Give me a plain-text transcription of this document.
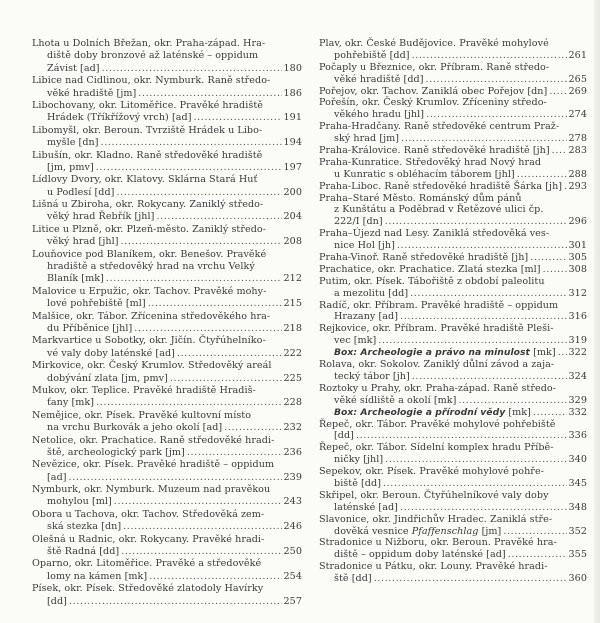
Lhota u Dolních Břežan, okr. Praha-západ. Hra-
diště doby bronzové až laténské – oppidum
Závist [ad] .....	180
Libice nad Cidlinou, okr. Nymburk. Raně středo-
věké hradiště [jm] .....	186
Libochovany, okr. Litoměřice. Pravěké hradiště
Hrádek (Tříkřížový vrch) [ad] .....	191
Libomyšl, okr. Beroun. Tvrziště Hrádek u Libo-
myšle [dn] .....	194
Libušín, okr. Kladno. Raně středověké hradiště
[jm, pmv] .....	197
Lídlovy Dvory, okr. Klatovy. Sklárna Stará Huť
u Podlesí [dd] .....	200
Lišná u Zbiroha, okr. Rokycany. Zaniklý středo-
věký hrad Řebřík [jhl] .....	204
Litice u Plzně, okr. Plzeň-město. Zaniklý středo-
věký hrad [jhl] .....	208
Louňovice pod Blaníkem, okr. Benešov. Pravěké
hradiště a středověký hrad na vrchu Velký
Blaník [mk] .....	212
Malovice u Erpužic, okr. Tachov. Pravěké mohy-
lové pohřebiště [ml] .....	215
Malšice, okr. Tábor. Zřícenina středověkého hra-
du Příběnice [jhl] .....	218
Markvartice u Sobotky, okr. Jičín. Čtyřúhelníko-
vé valy doby laténské [ad] .....	222
Mirkovice, okr. Český Krumlov. Středověký areál
dobývání zlata [jm, pmv] .....	225
Mukov, okr. Teplice. Pravěké hradiště Hradiš-
ťany [mk] .....	228
Nemějice, okr. Písek. Pravěké kultovní místo
na vrchu Burkovák a jeho okolí [ad] .....	232
Netolice, okr. Prachatice. Raně středověké hradi-
ště, archeologický park [jm] .....	236
Nevězice, okr. Písek. Pravěké hradiště – oppidum
[ad] .....	239
Nymburk, okr. Nymburk. Muzeum nad pravěkou
mohylou [ml] .....	243
Obora u Tachova, okr. Tachov. Středověká zem-
ská stezka [dn] .....	246
Olešná u Radnic, okr. Rokycany. Pravěké hradi-
ště Radná [dd] .....	250
Oparno, okr. Litoměřice. Pravěké a středověké
lomy na kámen [mk] .....	254
Písek, okr. Písek. Středověké zlatodoly Havírky
[dd] .....	257
Plav, okr. České Budějovice. Pravěké mohylové
pohřebiště [dd] .....	261
Počaply u Březnice, okr. Příbram. Raně středo-
věké hradiště [dd] .....	265
Pořejov, okr. Tachov. Zaniklá obec Pořejov [dn] ..... 269
Pořešín, okr. Český Krumlov. Zříceniny středo-
věkého hradu [jhl] .....	274
Praha-Hradčany. Raně středověké centrum Praž-
ský hrad [jm] .....	278
Praha-Královice. Raně středověké hradiště [jh] ..... 283
Praha-Kunratice. Středověký hrad Nový hrad
u Kunratic s obléhacím táborem [jhl] .....	288
Praha-Liboc. Raně středověké hradiště Šárka [jh] ..... 293
Praha–Staré Město. Románský dům pánů
z Kunštátu a Poděbrad v Řetězové ulici čp.
222/I [dn] .....	296
Praha–Újezd nad Lesy. Zaniklá středověká ves-
nice Hol [jh] .....	301
Praha-Vinoř. Raně středověké hradiště [jh] .....	305
Prachatice, okr. Prachatice. Zlatá stezka [ml] .....	308
Putim, okr. Písek. Tábořiště z období paleolitu
a mezolitu [dd] .....	312
Radíč, okr. Příbram. Pravěké hradiště – oppidum
Hrazany [ad] .....	316
Rejkovice, okr. Příbram. Pravěké hradiště Pleši-
vec [mk] .....	319
Box: Archeologie a právo na minulost [mk] ..... 322
Rolava, okr. Sokolov. Zaniklý důlní závod a zaja-
tecký tábor [jh] .....	324
Roztoky u Prahy, okr. Praha-západ. Raně středo-
věké sídliště a okolí [mk] .....	329
Box: Archeologie a přírodní vědy [mk] .....	332
Řepeč, okr. Tábor. Pravěké mohylové pohřebiště
[dd] .....	336
Řepeč, okr. Tábor. Sídelní komplex hradu Příbě-
ničky [jhl] .....	340
Sepekov, okr. Písek. Pravěké mohylové pohře-
biště [dd] .....	345
Skřipel, okr. Beroun. Čtyřúhelníkové valy doby
laténské [ad] .....	348
Slavonice, okr. Jindřichův Hradec. Zaniklá stře-
dověká vesnice Pfaffenschlag [jm] .....	352
Stradonice u Nižboru, okr. Beroun. Pravěké hra-
diště – oppidum doby laténské [ad] .....	355
Stradonice u Pátku, okr. Louny. Pravěké hradi-
ště [dd] .....	360
